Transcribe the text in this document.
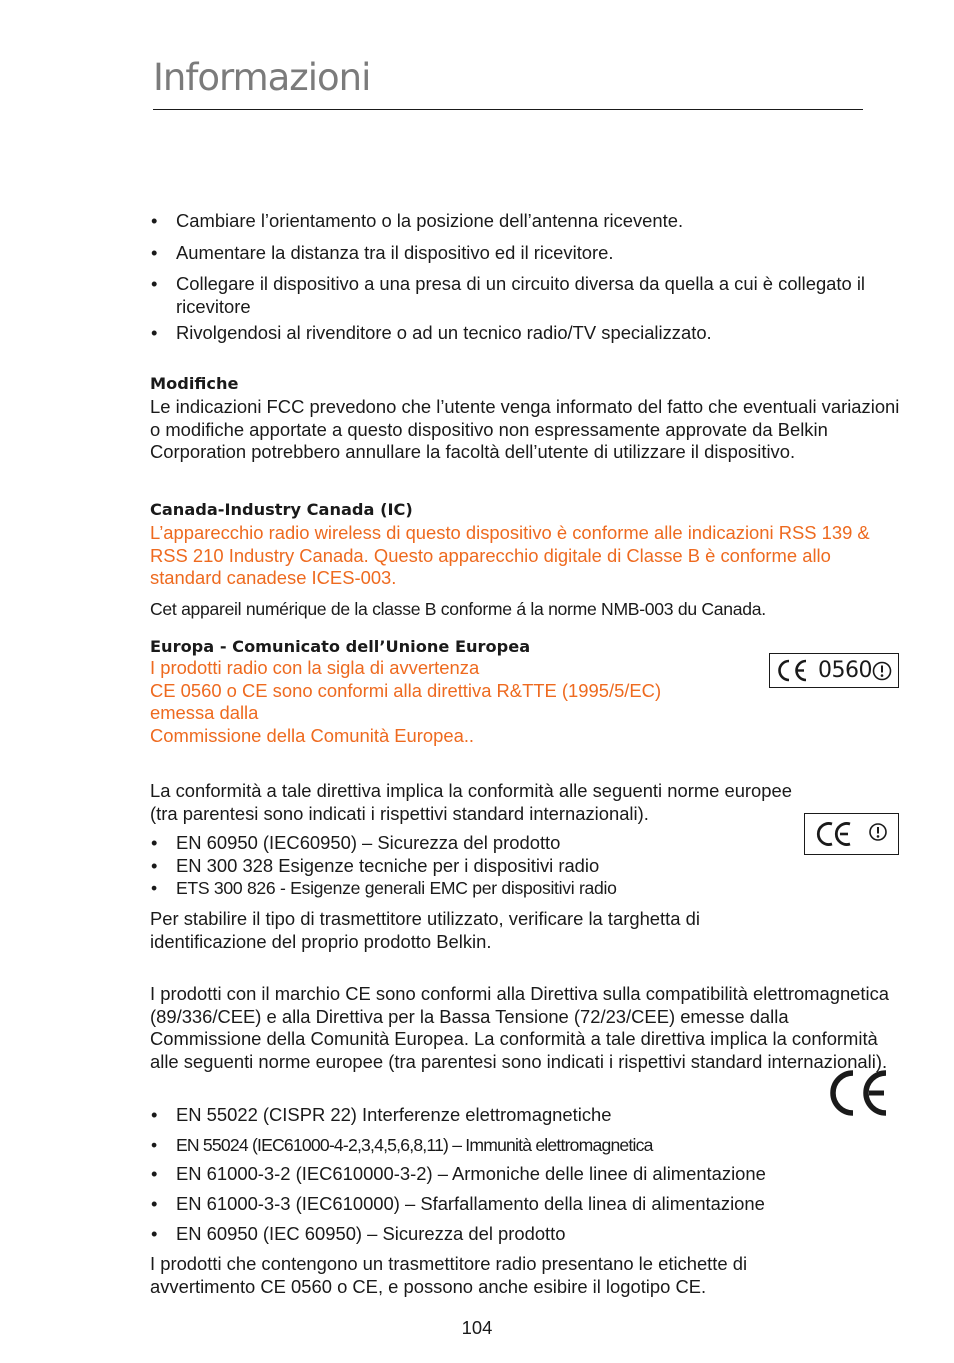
Informazioni
• Cambiare l’orientamento o la posizione dell’antenna ricevente.
• Aumentare la distanza tra il dispositivo ed il ricevitore.
• Collegare il dispositivo a una presa di un circuito diversa da quella a cui è collegato il ricevitore
• Rivolgendosi al rivenditore o ad un tecnico radio/TV specializzato.
Modifiche
Le indicazioni FCC prevedono che l’utente venga informato del fatto che eventuali variazioni o modifiche apportate a questo dispositivo non espressamente approvate da Belkin Corporation potrebbero annullare la facoltà dell’utente di utilizzare il dispositivo.
Canada-Industry Canada (IC)
L’apparecchio radio wireless di questo dispositivo è conforme alle indicazioni RSS 139 & RSS 210 Industry Canada. Questo apparecchio digitale di Classe B è conforme allo standard canadese ICES-003.
Cet appareil numérique de la classe B conforme á la norme NMB-003 du Canada.
Europa - Comunicato dell’Unione Europea
I prodotti radio con la sigla di avvertenza
CE 0560 o CE sono conformi alla direttiva R&TTE (1995/5/EC)
emessa dalla
Commissione della Comunità Europea..
0560
La conformità a tale direttiva implica la conformità alle seguenti norme europee (tra parentesi sono indicati i rispettivi standard internazionali).
• EN 60950 (IEC60950) – Sicurezza del prodotto
• EN 300 328 Esigenze tecniche per i dispositivi radio
• ETS 300 826 - Esigenze generali EMC per dispositivi radio
Per stabilire il tipo di trasmettitore utilizzato, verificare la targhetta di identificazione del proprio prodotto Belkin.
I prodotti con il marchio CE sono conformi alla Direttiva sulla compatibilità elettromagnetica (89/336/CEE) e alla Direttiva per la Bassa Tensione (72/23/CEE) emesse dalla Commissione della Comunità Europea. La conformità a tale direttiva implica la conformità alle seguenti norme europee (tra parentesi sono indicati i rispettivi standard internazionali).
• EN 55022 (CISPR 22) Interferenze elettromagnetiche
• EN 55024 (IEC61000-4-2,3,4,5,6,8,11) – Immunità elettromagnetica
• EN 61000-3-2 (IEC610000-3-2) – Armoniche delle linee di alimentazione
• EN 61000-3-3 (IEC610000) – Sfarfallamento della linea di alimentazione
• EN 60950 (IEC 60950) – Sicurezza del prodotto
I prodotti che contengono un trasmettitore radio presentano le etichette di avvertimento CE 0560 o CE, e possono anche esibire il logotipo CE.
104
